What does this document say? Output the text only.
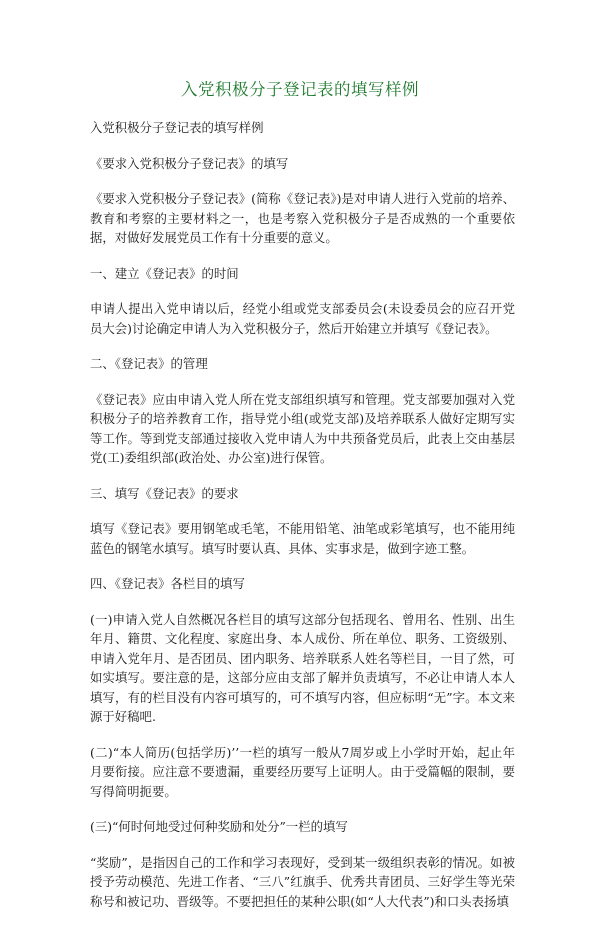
入党积极分子登记表的填写样例

入党积极分子登记表的填写样例

《要求入党积极分子登记表》的填写

《要求入党积极分子登记表》(简称《登记表》)是对申请人进行入党前的培养、教育和考察的主要材料之一，也是考察入党积极分子是否成熟的一个重要依据，对做好发展党员工作有十分重要的意义。

一、建立《登记表》的时间

申请人提出入党申请以后，经党小组或党支部委员会(未设委员会的应召开党员大会)讨论确定申请人为入党积极分子，然后开始建立并填写《登记表》。

二、《登记表》的管理

《登记表》应由申请入党人所在党支部组织填写和管理。党支部要加强对入党积极分子的培养教育工作，指导党小组(或党支部)及培养联系人做好定期写实等工作。等到党支部通过接收入党申请人为中共预备党员后，此表上交由基层党(工)委组织部(政治处、办公室)进行保管。

三、填写《登记表》的要求

填写《登记表》要用钢笔或毛笔，不能用铅笔、油笔或彩笔填写，也不能用纯蓝色的钢笔水填写。填写时要认真、具体、实事求是，做到字迹工整。

四、《登记表》各栏目的填写

(一)申请入党人自然概况各栏目的填写这部分包括现名、曾用名、性别、出生年月、籍贯、文化程度、家庭出身、本人成份、所在单位、职务、工资级别、申请入党年月、是否团员、团内职务、培养联系人姓名等栏目，一目了然，可如实填写。要注意的是，这部分应由支部了解并负责填写，不必让申请人本人填写，有的栏目没有内容可填写的，可不填写内容，但应标明“无”字。本文来源于好稿吧.

(二)“本人简历(包括学历)’’一栏的填写一般从7周岁或上小学时开始，起止年月要衔接。应注意不要遗漏，重要经历要写上证明人。由于受篇幅的限制，要写得简明扼要。

(三)“何时何地受过何种奖励和处分”一栏的填写

“奖励”，是指因自己的工作和学习表现好，受到某一级组织表彰的情况。如被授予劳动模范、先进工作者、“三八”红旗手、优秀共青团员、三好学生等光荣称号和被记功、晋级等。不要把担任的某种公职(如“人大代表”)和口头表扬填
